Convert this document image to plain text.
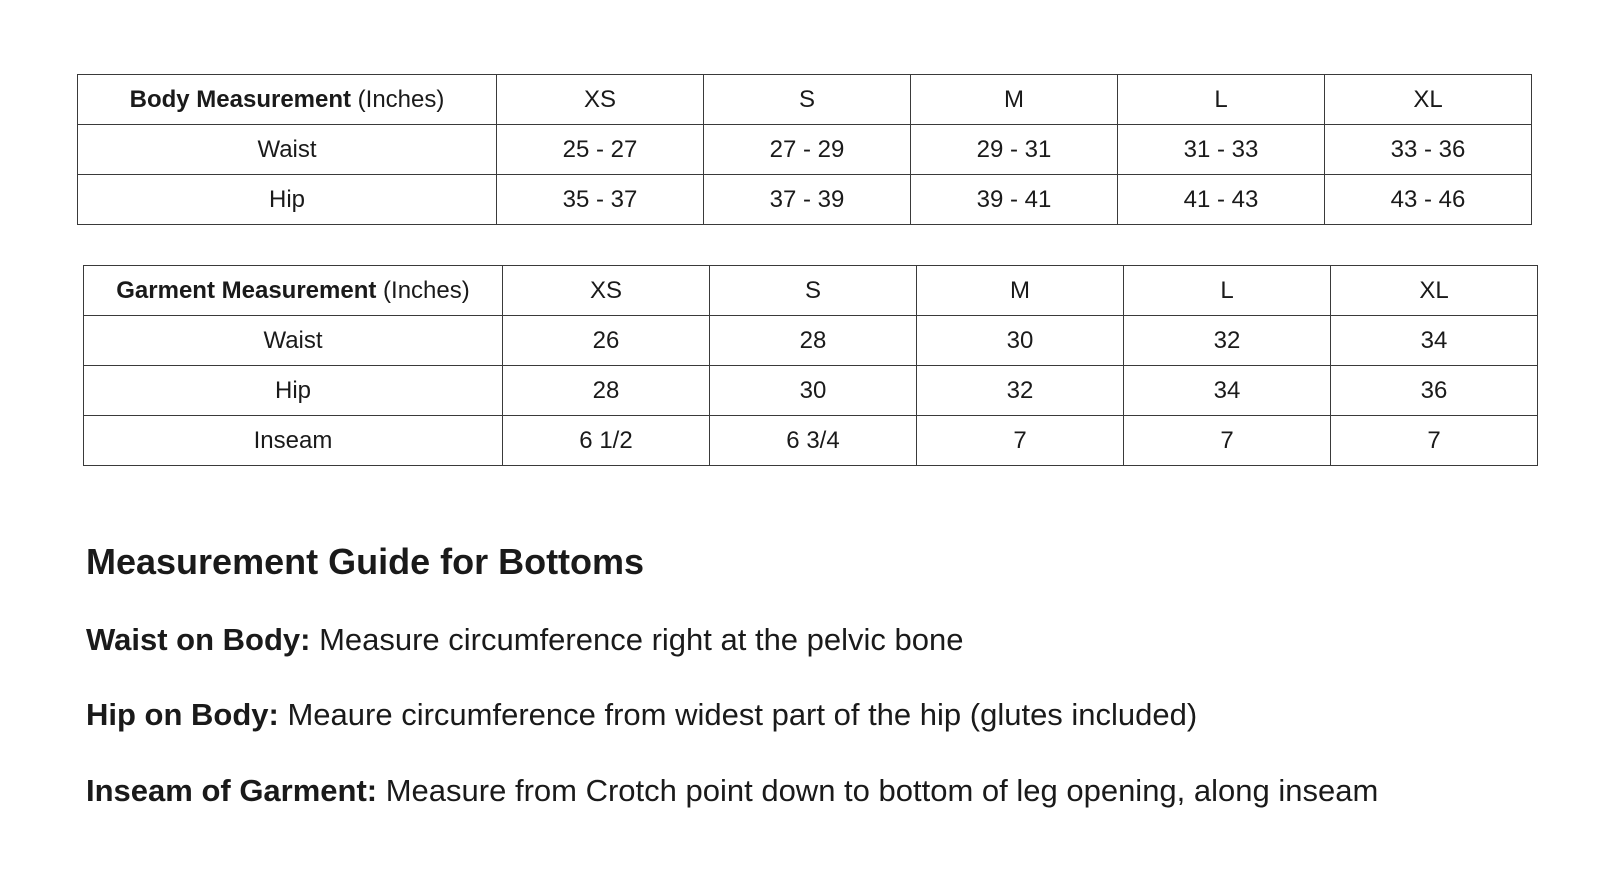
Body Measurement (Inches)	XS	S	M	L	XL
Waist	25 - 27	27 - 29	29 - 31	31 - 33	33 - 36
Hip	35 - 37	37 - 39	39 - 41	41 - 43	43 - 46
Garment Measurement (Inches)	XS	S	M	L	XL
Waist	26	28	30	32	34
Hip	28	30	32	34	36
Inseam	6 1/2	6 3/4	7	7	7
Measurement Guide for Bottoms

Waist on Body: Measure circumference right at the pelvic bone

Hip on Body: Meaure circumference from widest part of the hip (glutes included)

Inseam of Garment: Measure from Crotch point down to bottom of leg opening, along inseam
